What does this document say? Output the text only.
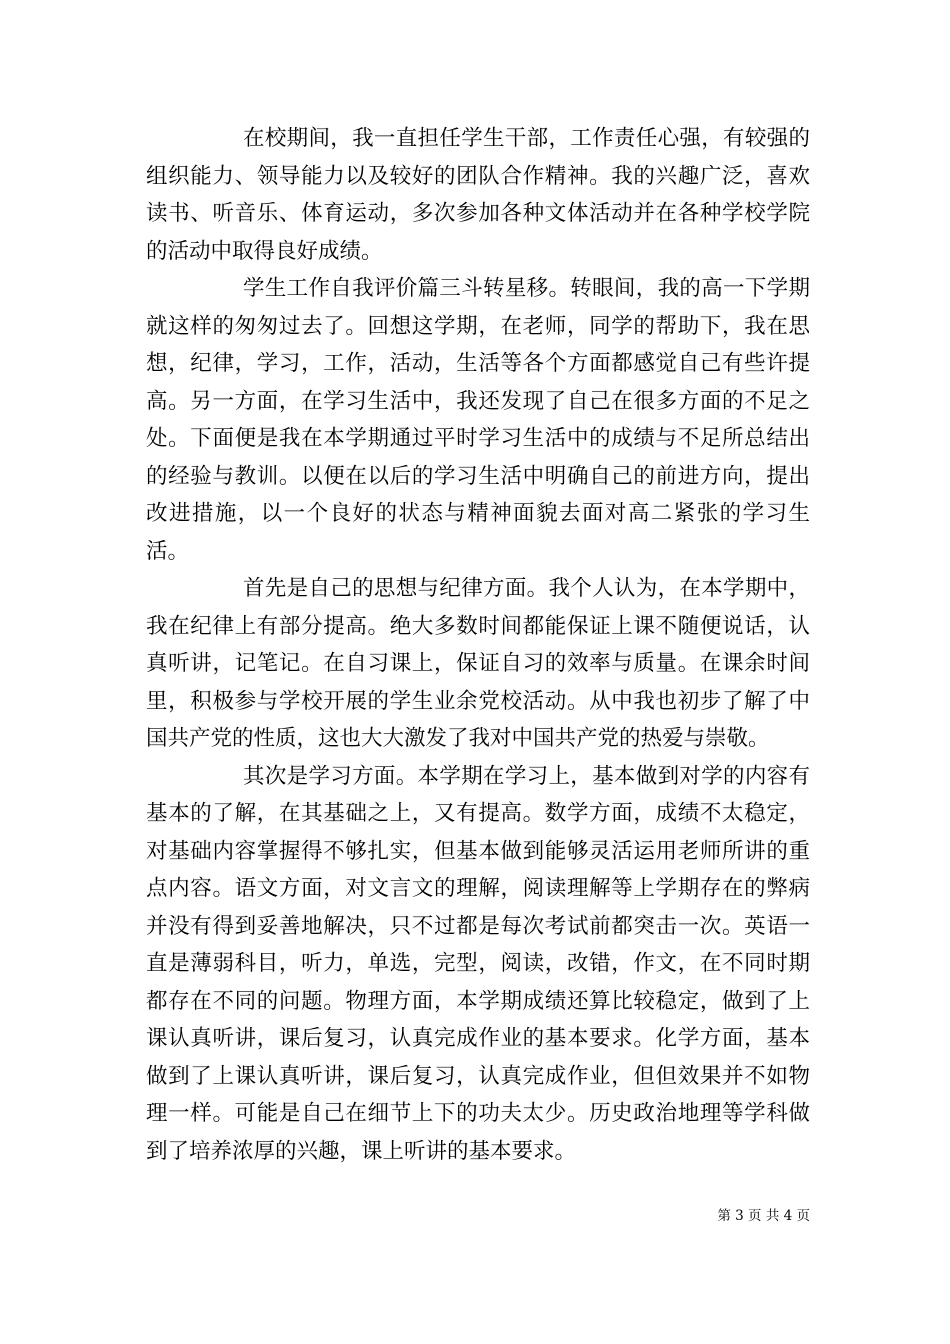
在校期间，我一直担任学生干部，工作责任心强，有较强的组织能力、领导能力以及较好的团队合作精神。我的兴趣广泛，喜欢读书、听音乐、体育运动，多次参加各种文体活动并在各种学校学院的活动中取得良好成绩。

学生工作自我评价篇三斗转星移。转眼间，我的高一下学期就这样的匆匆过去了。回想这学期，在老师，同学的帮助下，我在思想，纪律，学习，工作，活动，生活等各个方面都感觉自己有些许提高。另一方面，在学习生活中，我还发现了自己在很多方面的不足之处。下面便是我在本学期通过平时学习生活中的成绩与不足所总结出的经验与教训。以便在以后的学习生活中明确自己的前进方向，提出改进措施，以一个良好的状态与精神面貌去面对高二紧张的学习生活。

首先是自己的思想与纪律方面。我个人认为，在本学期中，我在纪律上有部分提高。绝大多数时间都能保证上课不随便说话，认真听讲，记笔记。在自习课上，保证自习的效率与质量。在课余时间里，积极参与学校开展的学生业余党校活动。从中我也初步了解了中国共产党的性质，这也大大激发了我对中国共产党的热爱与崇敬。

其次是学习方面。本学期在学习上，基本做到对学的内容有基本的了解，在其基础之上，又有提高。数学方面，成绩不太稳定，对基础内容掌握得不够扎实，但基本做到能够灵活运用老师所讲的重点内容。语文方面，对文言文的理解，阅读理解等上学期存在的弊病并没有得到妥善地解决，只不过都是每次考试前都突击一次。英语一直是薄弱科目，听力，单选，完型，阅读，改错，作文，在不同时期都存在不同的问题。物理方面，本学期成绩还算比较稳定，做到了上课认真听讲，课后复习，认真完成作业的基本要求。化学方面，基本做到了上课认真听讲，课后复习，认真完成作业，但但效果并不如物理一样。可能是自己在细节上下的功夫太少。历史政治地理等学科做到了培养浓厚的兴趣，课上听讲的基本要求。

第 3 页 共 4 页
